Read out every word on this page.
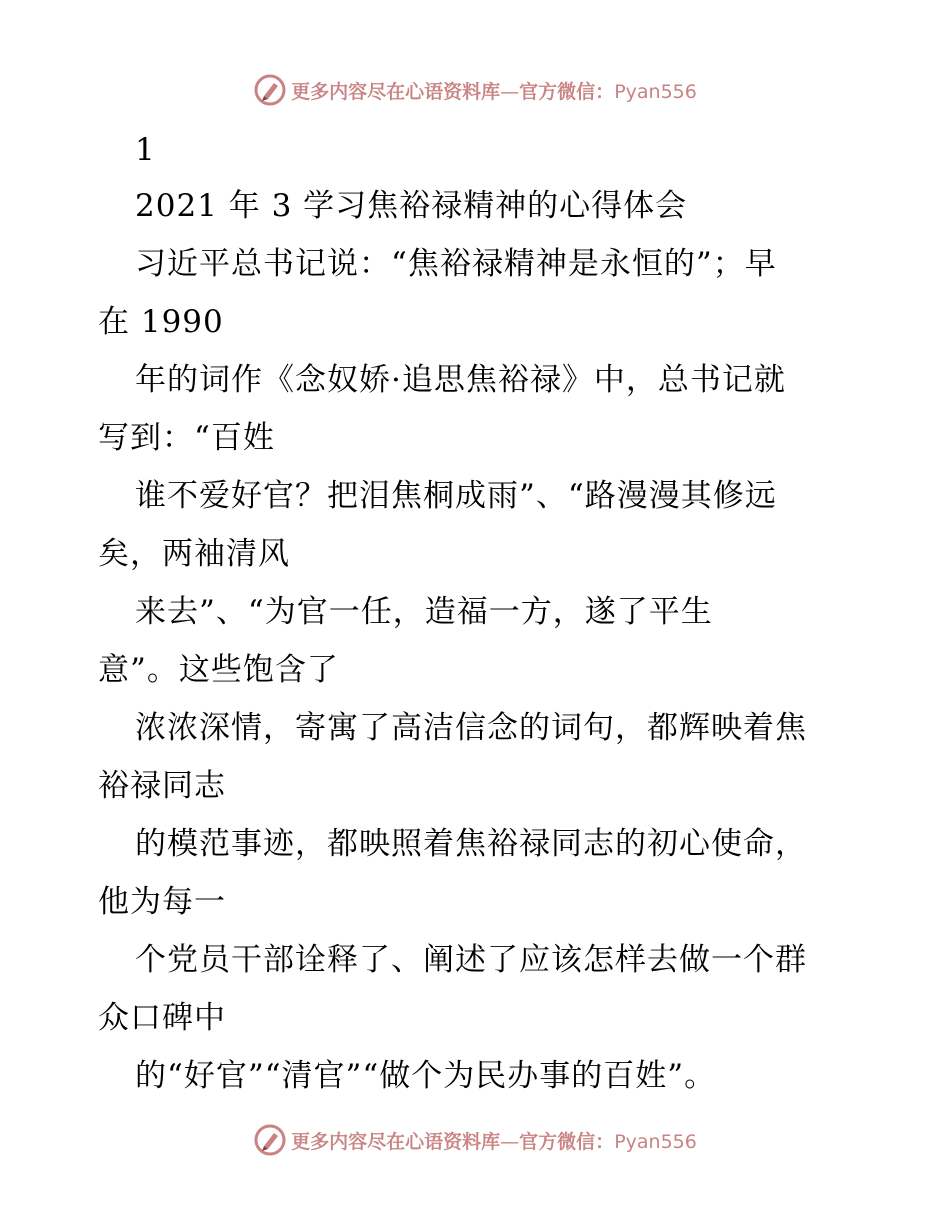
更多内容尽在心语资料库—官方微信：Pyan556
1
2021 年 3 学习焦裕禄精神的心得体会
习近平总书记说：“焦裕禄精神是永恒的”；早
在 1990
年的词作《念奴娇·追思焦裕禄》中，总书记就
写到：“百姓
谁不爱好官？把泪焦桐成雨”、“路漫漫其修远
矣，两袖清风
来去”、“为官一任，造福一方，遂了平生
意”。这些饱含了
浓浓深情，寄寓了高洁信念的词句，都辉映着焦
裕禄同志
的模范事迹，都映照着焦裕禄同志的初心使命，
他为每一
个党员干部诠释了、阐述了应该怎样去做一个群
众口碑中
的“好官”“清官”“做个为民办事的百姓”。
更多内容尽在心语资料库—官方微信：Pyan556
